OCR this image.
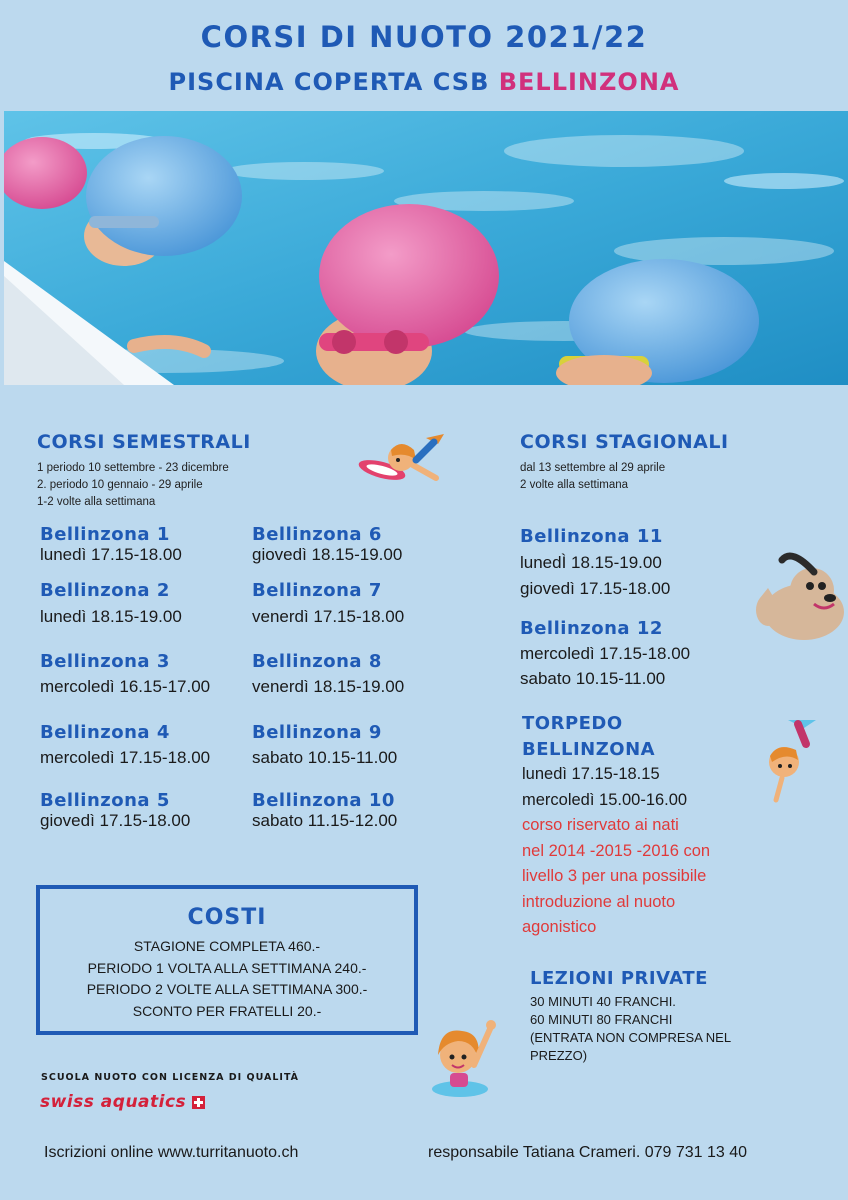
CORSI DI NUOTO 2021/22
PISCINA COPERTA CSB BELLINZONA
CORSI SEMESTRALI
1 periodo 10 settembre - 23 dicembre
2. periodo 10 gennaio - 29 aprile
1-2 volte alla settimana
Bellinzona 1
lunedì 17.15-18.00
Bellinzona 2
lunedì 18.15-19.00
Bellinzona 3
mercoledì 16.15-17.00
Bellinzona 4
mercoledì 17.15-18.00
Bellinzona 5
giovedì 17.15-18.00
Bellinzona 6
giovedì 18.15-19.00
Bellinzona 7
venerdì 17.15-18.00
Bellinzona 8
venerdì 18.15-19.00
Bellinzona 9
sabato 10.15-11.00
Bellinzona 10
sabato 11.15-12.00
CORSI STAGIONALI
dal 13 settembre al 29 aprile
2 volte alla settimana
Bellinzona 11
lunedÌ 18.15-19.00
giovedì 17.15-18.00
Bellinzona 12
mercoledì 17.15-18.00
sabato 10.15-11.00
TORPEDO
BELLINZONA
lunedì 17.15-18.15
mercoledì 15.00-16.00
corso riservato ai nati
nel 2014 -2015 -2016 con
livello 3 per una possibile
introduzione al nuoto
agonistico
COSTI
STAGIONE COMPLETA 460.-
PERIODO 1 VOLTA ALLA SETTIMANA 240.-
PERIODO 2 VOLTE ALLA SETTIMANA 300.-
SCONTO PER FRATELLI 20.-
LEZIONI PRIVATE
30 MINUTI 40 FRANCHI.
60 MINUTI 80 FRANCHI
(ENTRATA NON COMPRESA NEL
PREZZO)
SCUOLA NUOTO CON LICENZA DI QUALITÀ
swiss aquatics
Iscrizioni online www.turritanuoto.ch	responsabile Tatiana Crameri. 079 731 13 40
